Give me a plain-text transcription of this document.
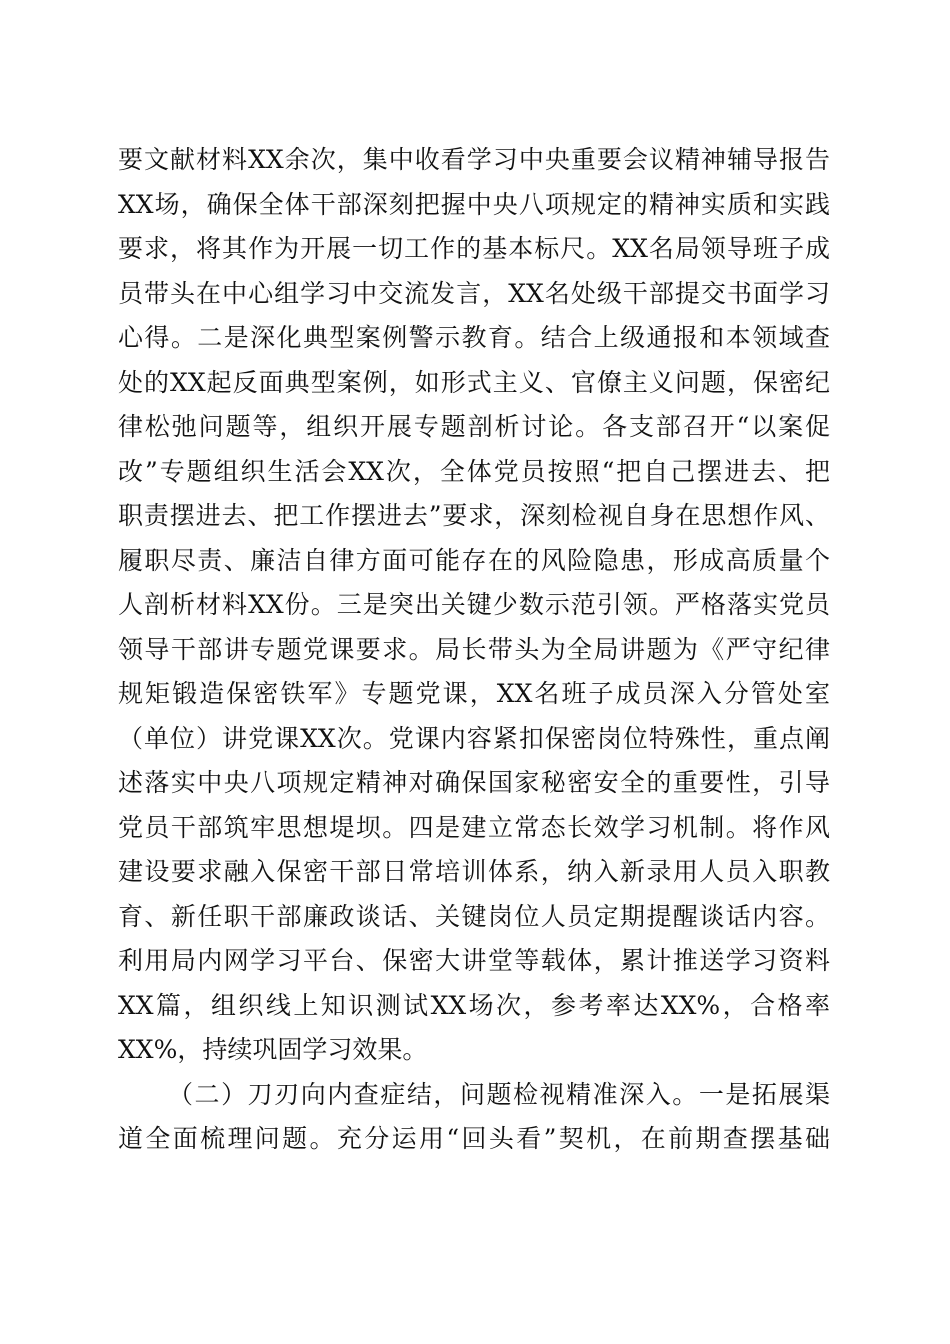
要文献材料XX余次，集中收看学习中央重要会议精神辅导报告
XX场，确保全体干部深刻把握中央八项规定的精神实质和实践
要求，将其作为开展一切工作的基本标尺。XX名局领导班子成
员带头在中心组学习中交流发言，XX名处级干部提交书面学习
心得。二是深化典型案例警示教育。结合上级通报和本领域查
处的XX起反面典型案例，如形式主义、官僚主义问题，保密纪
律松弛问题等，组织开展专题剖析讨论。各支部召开“以案促
改”专题组织生活会XX次，全体党员按照“把自己摆进去、把
职责摆进去、把工作摆进去”要求，深刻检视自身在思想作风、
履职尽责、廉洁自律方面可能存在的风险隐患，形成高质量个
人剖析材料XX份。三是突出关键少数示范引领。严格落实党员
领导干部讲专题党课要求。局长带头为全局讲题为《严守纪律
规矩锻造保密铁军》专题党课，XX名班子成员深入分管处室
（单位）讲党课XX次。党课内容紧扣保密岗位特殊性，重点阐
述落实中央八项规定精神对确保国家秘密安全的重要性，引导
党员干部筑牢思想堤坝。四是建立常态长效学习机制。将作风
建设要求融入保密干部日常培训体系，纳入新录用人员入职教
育、新任职干部廉政谈话、关键岗位人员定期提醒谈话内容。
利用局内网学习平台、保密大讲堂等载体，累计推送学习资料
XX篇，组织线上知识测试XX场次，参考率达XX%，合格率
XX%，持续巩固学习效果。
（二）刀刃向内查症结，问题检视精准深入。一是拓展渠
道全面梳理问题。充分运用“回头看”契机，在前期查摆基础
